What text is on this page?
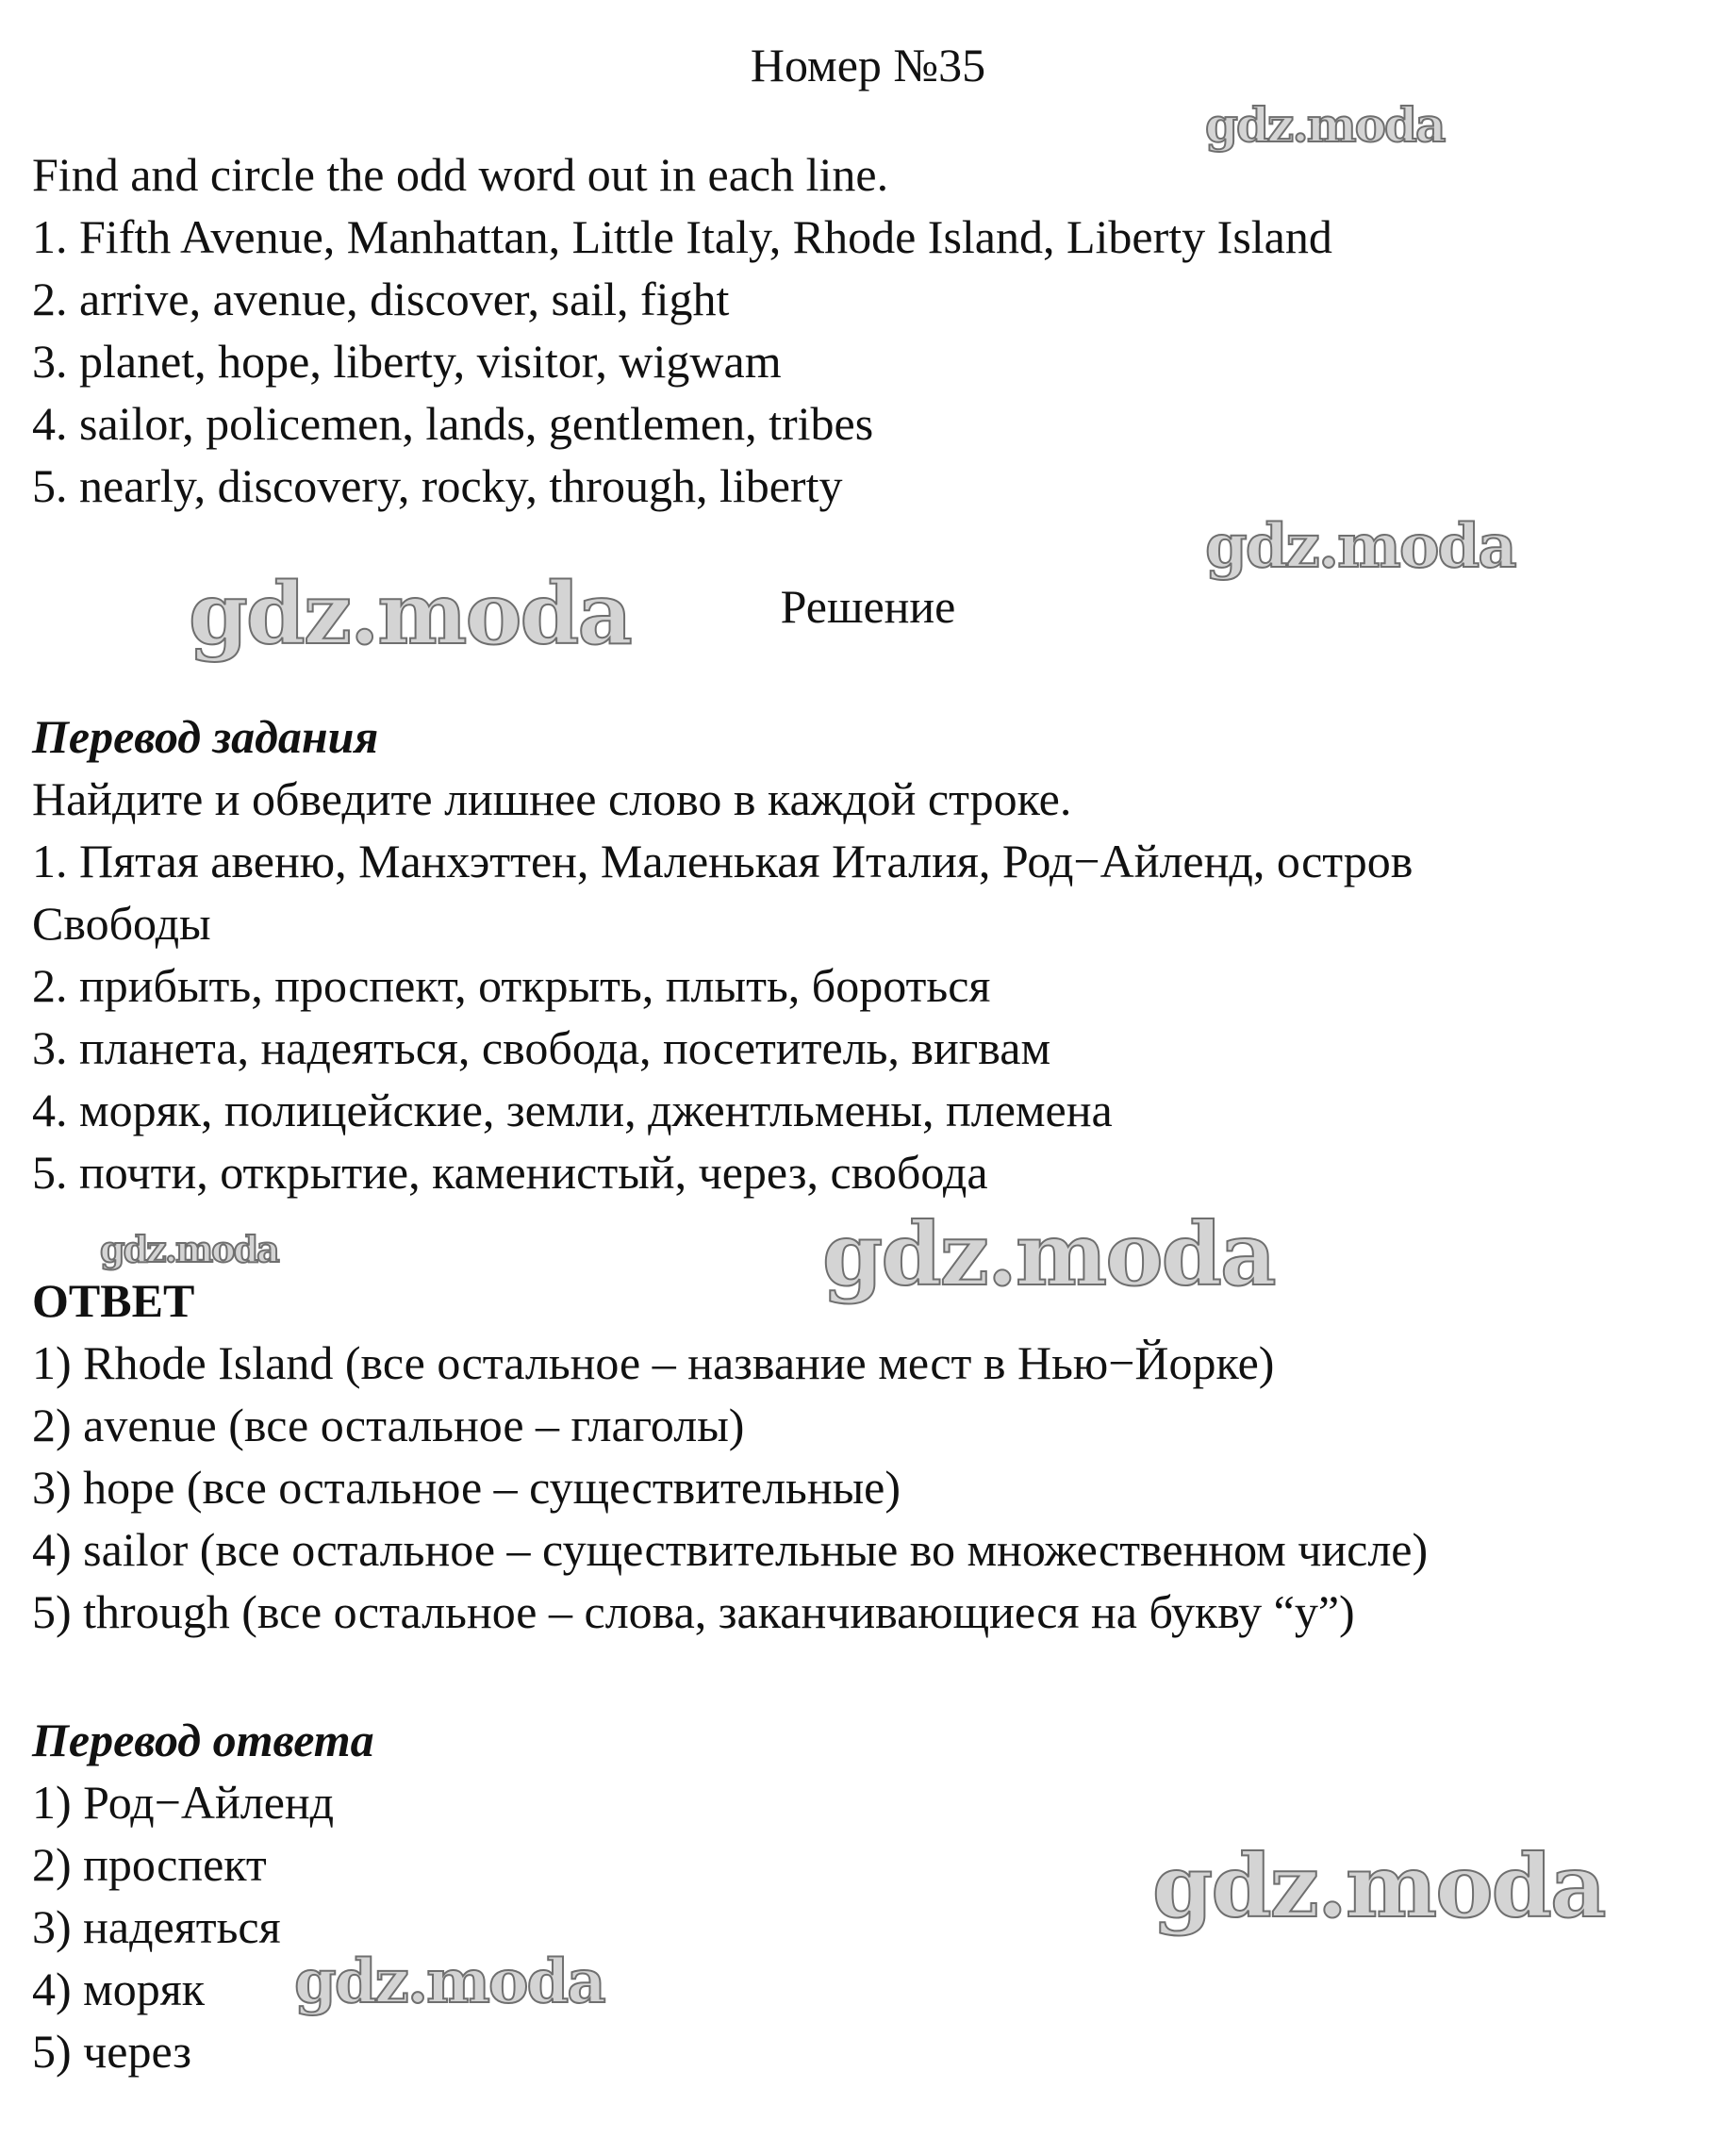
Номер №35
Find and circle the odd word out in each line.
1. Fifth Avenue, Manhattan, Little Italy, Rhode Island, Liberty Island
2. arrive, avenue, discover, sail, fight
3. planet, hope, liberty, visitor, wigwam
4. sailor, policemen, lands, gentlemen, tribes
5. nearly, discovery, rocky, through, liberty
Решение
Перевод задания
Найдите и обведите лишнее слово в каждой строке.
1. Пятая авеню, Манхэттен, Маленькая Италия, Род−Айленд, остров
Свободы
2. прибыть, проспект, открыть, плыть, бороться
3. планета, надеяться, свобода, посетитель, вигвам
4. моряк, полицейские, земли, джентльмены, племена
5. почти, открытие, каменистый, через, свобода
ОТВЕТ
1) Rhode Island (все остальное – название мест в Нью−Йорке)
2) avenue (все остальное – глаголы)
3) hope (все остальное – существительные)
4) sailor (все остальное – существительные во множественном числе)
5) through (все остальное – слова, заканчивающиеся на букву “y”)
Перевод ответа
1) Род−Айленд
2) проспект
3) надеяться
4) моряк
5) через
gdz.moda
gdz.moda
gdz.moda
gdz.moda	gdz.moda
gdz.moda
gdz.moda
